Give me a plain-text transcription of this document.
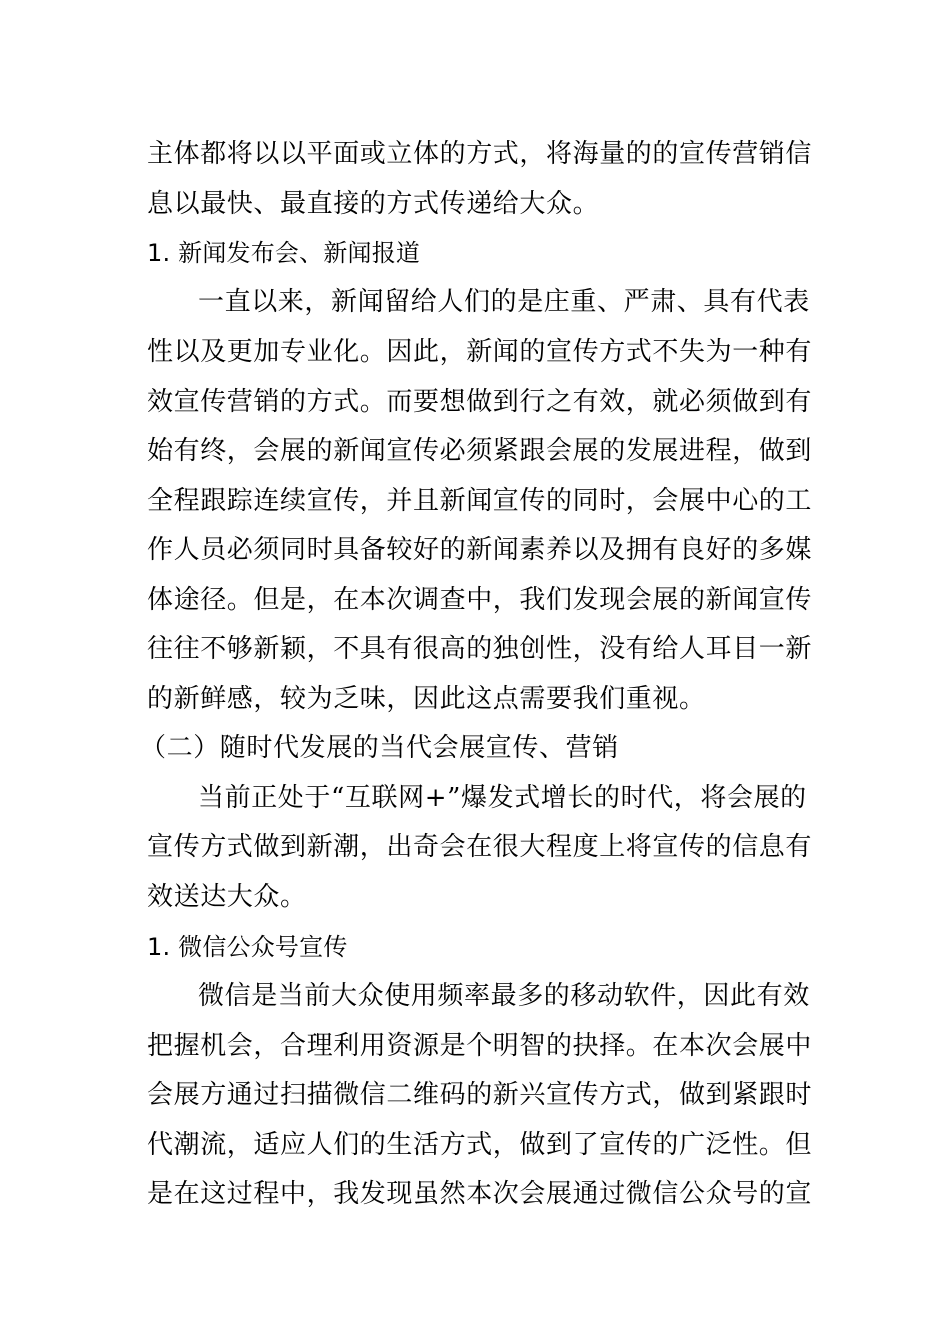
主体都将以以平面或立体的方式，将海量的的宣传营销信
息以最快、最直接的方式传递给大众。
1. 新闻发布会、新闻报道
一直以来，新闻留给人们的是庄重、严肃、具有代表
性以及更加专业化。因此，新闻的宣传方式不失为一种有
效宣传营销的方式。而要想做到行之有效，就必须做到有
始有终，会展的新闻宣传必须紧跟会展的发展进程，做到
全程跟踪连续宣传，并且新闻宣传的同时，会展中心的工
作人员必须同时具备较好的新闻素养以及拥有良好的多媒
体途径。但是，在本次调查中，我们发现会展的新闻宣传
往往不够新颖，不具有很高的独创性，没有给人耳目一新
的新鲜感，较为乏味，因此这点需要我们重视。
（二）随时代发展的当代会展宣传、营销
当前正处于“互联网+”爆发式增长的时代，将会展的
宣传方式做到新潮，出奇会在很大程度上将宣传的信息有
效送达大众。
1. 微信公众号宣传
微信是当前大众使用频率最多的移动软件，因此有效
把握机会，合理利用资源是个明智的抉择。在本次会展中
会展方通过扫描微信二维码的新兴宣传方式，做到紧跟时
代潮流，适应人们的生活方式，做到了宣传的广泛性。但
是在这过程中，我发现虽然本次会展通过微信公众号的宣
